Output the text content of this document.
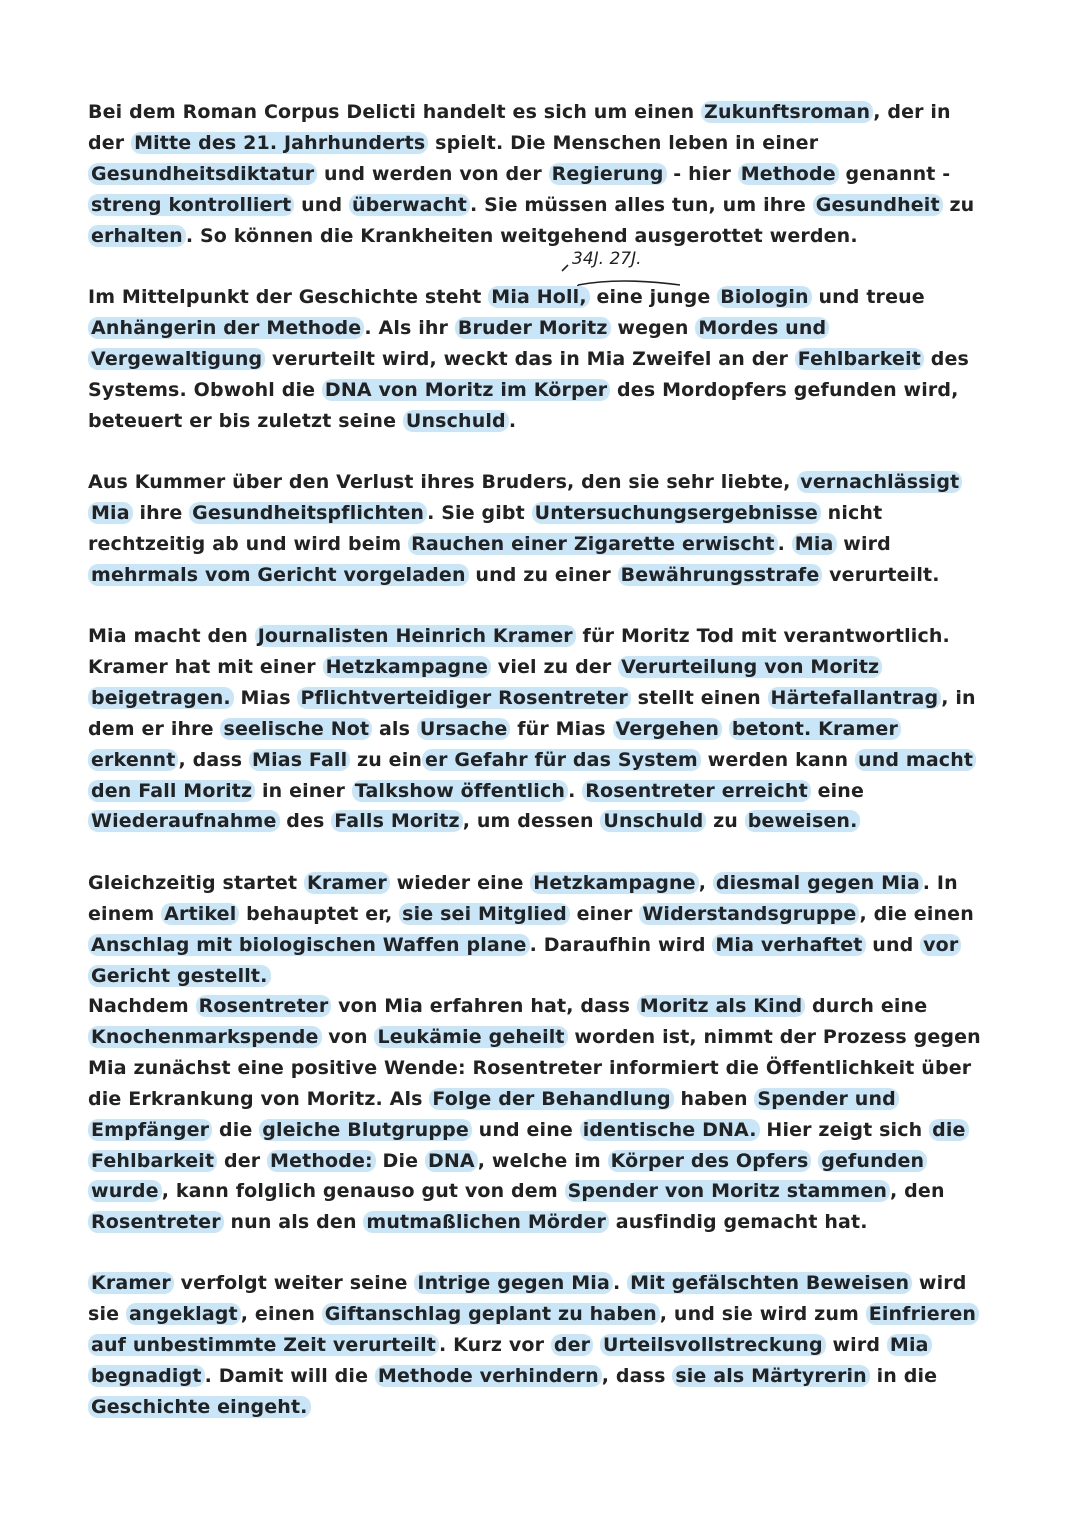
34J. 27J.

Bei dem Roman Corpus Delicti handelt es sich um einen Zukunftsroman , der in der Mitte des 21. Jahrhunderts spielt. Die Menschen leben in einer Gesundheitsdiktatur und werden von der Regierung - hier Methode genannt - streng kontrolliert und überwacht . Sie müssen alles tun, um ihre Gesundheit zu erhalten . So können die Krankheiten weitgehend ausgerottet werden.

Im Mittelpunkt der Geschichte steht Mia Holl, eine junge Biologin und treue Anhängerin der Methode . Als ihr Bruder Moritz wegen Mordes und Vergewaltigung verurteilt wird, weckt das in Mia Zweifel an der Fehlbarkeit des Systems. Obwohl die DNA von Moritz im Körper des Mordopfers gefunden wird, beteuert er bis zuletzt seine Unschuld .

Aus Kummer über den Verlust ihres Bruders, den sie sehr liebte, vernachlässigt Mia ihre Gesundheitspflichten . Sie gibt Untersuchungsergebnisse nicht rechtzeitig ab und wird beim Rauchen einer Zigarette erwischt . Mia wird mehrmals vom Gericht vorgeladen und zu einer Bewährungsstrafe verurteilt.

Mia macht den Journalisten Heinrich Kramer für Moritz Tod mit verantwortlich. Kramer hat mit einer Hetzkampagne viel zu der Verurteilung von Moritz beigetragen. Mias Pflichtverteidiger Rosentreter stellt einen Härtefallantrag , in dem er ihre seelische Not als Ursache für Mias Vergehen betont. Kramer erkennt , dass Mias Fall zu ein er Gefahr für das System werden kann und macht den Fall Moritz in einer Talkshow öffentlich . Rosentreter erreicht eine Wiederaufnahme des Falls Moritz , um dessen Unschuld zu beweisen.

Gleichzeitig startet Kramer wieder eine Hetzkampagne , diesmal gegen Mia . In einem Artikel behauptet er, sie sei Mitglied einer Widerstandsgruppe , die einen Anschlag mit biologischen Waffen plane . Daraufhin wird Mia verhaftet und vor Gericht gestellt.

Nachdem Rosentreter von Mia erfahren hat, dass Moritz als Kind durch eine Knochenmarkspende von Leukämie geheilt worden ist, nimmt der Prozess gegen Mia zunächst eine positive Wende: Rosentreter informiert die Öffentlichkeit über die Erkrankung von Moritz. Als Folge der Behandlung haben Spender und Empfänger die gleiche Blutgruppe und eine identische DNA. Hier zeigt sich die Fehlbarkeit der Methode: Die DNA , welche im Körper des Opfers gefunden wurde , kann folglich genauso gut von dem Spender von Moritz stammen , den Rosentreter nun als den mutmaßlichen Mörder ausfindig gemacht hat.

Kramer verfolgt weiter seine Intrige gegen Mia . Mit gefälschten Beweisen wird sie angeklagt , einen Giftanschlag geplant zu haben , und sie wird zum Einfrieren auf unbestimmte Zeit verurteilt . Kurz vor der Urteilsvollstreckung wird Mia begnadigt . Damit will die Methode verhindern , dass sie als Märtyrerin in die Geschichte eingeht.
